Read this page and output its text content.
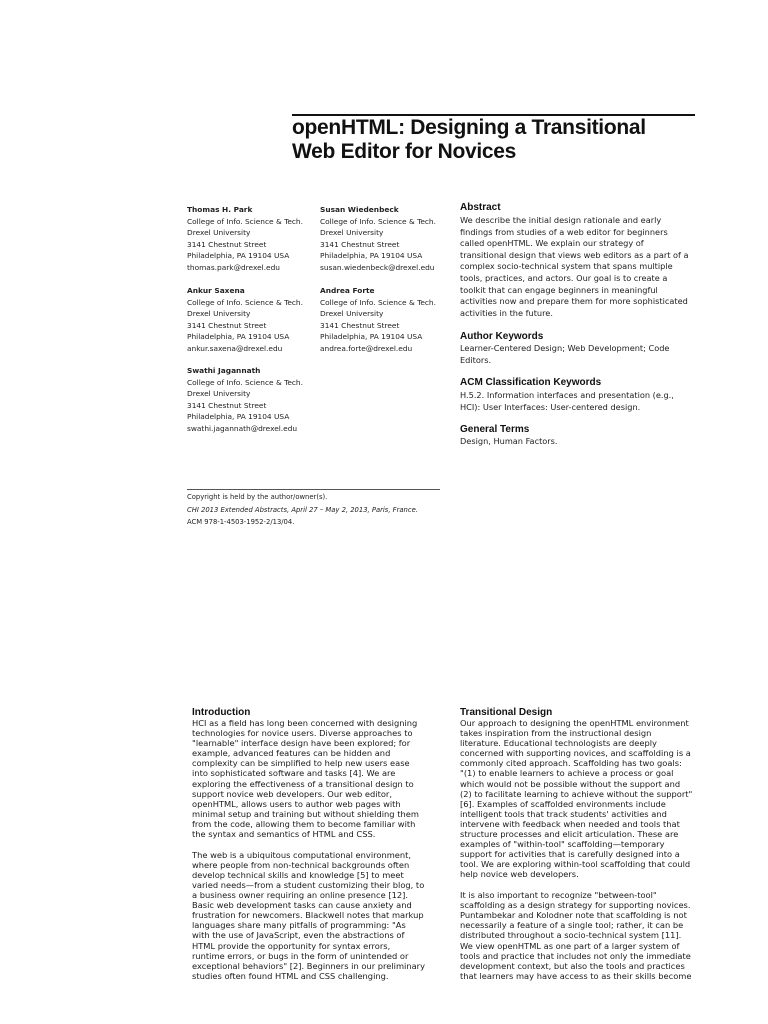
openHTML: Designing a Transitional
Web Editor for Novices
Thomas H. Park
College of Info. Science & Tech.
Drexel University
3141 Chestnut Street
Philadelphia, PA 19104 USA
thomas.park@drexel.edu
Susan Wiedenbeck
College of Info. Science & Tech.
Drexel University
3141 Chestnut Street
Philadelphia, PA 19104 USA
susan.wiedenbeck@drexel.edu
Ankur Saxena
College of Info. Science & Tech.
Drexel University
3141 Chestnut Street
Philadelphia, PA 19104 USA
ankur.saxena@drexel.edu
Andrea Forte
College of Info. Science & Tech.
Drexel University
3141 Chestnut Street
Philadelphia, PA 19104 USA
andrea.forte@drexel.edu
Swathi Jagannath
College of Info. Science & Tech.
Drexel University
3141 Chestnut Street
Philadelphia, PA 19104 USA
swathi.jagannath@drexel.edu
Abstract
We describe the initial design rationale and early
findings from studies of a web editor for beginners
called openHTML. We explain our strategy of
transitional design that views web editors as a part of a
complex socio-technical system that spans multiple
tools, practices, and actors. Our goal is to create a
toolkit that can engage beginners in meaningful
activities now and prepare them for more sophisticated
activities in the future.
Author Keywords
Learner-Centered Design; Web Development; Code
Editors.
ACM Classification Keywords
H.5.2. Information interfaces and presentation (e.g.,
HCI): User Interfaces: User-centered design.
General Terms
Design, Human Factors.
Copyright is held by the author/owner(s).
CHI 2013 Extended Abstracts, April 27 – May 2, 2013, Paris, France.
ACM 978-1-4503-1952-2/13/04.
Introduction
HCI as a field has long been concerned with designing
technologies for novice users. Diverse approaches to
"learnable" interface design have been explored; for
example, advanced features can be hidden and
complexity can be simplified to help new users ease
into sophisticated software and tasks [4]. We are
exploring the effectiveness of a transitional design to
support novice web developers. Our web editor,
openHTML, allows users to author web pages with
minimal setup and training but without shielding them
from the code, allowing them to become familiar with
the syntax and semantics of HTML and CSS.
The web is a ubiquitous computational environment,
where people from non-technical backgrounds often
develop technical skills and knowledge [5] to meet
varied needs—from a student customizing their blog, to
a business owner requiring an online presence [12].
Basic web development tasks can cause anxiety and
frustration for newcomers. Blackwell notes that markup
languages share many pitfalls of programming: "As
with the use of JavaScript, even the abstractions of
HTML provide the opportunity for syntax errors,
runtime errors, or bugs in the form of unintended or
exceptional behaviors" [2]. Beginners in our preliminary
studies often found HTML and CSS challenging.
Transitional Design
Our approach to designing the openHTML environment
takes inspiration from the instructional design
literature. Educational technologists are deeply
concerned with supporting novices, and scaffolding is a
commonly cited approach. Scaffolding has two goals:
"(1) to enable learners to achieve a process or goal
which would not be possible without the support and
(2) to facilitate learning to achieve without the support"
[6]. Examples of scaffolded environments include
intelligent tools that track students' activities and
intervene with feedback when needed and tools that
structure processes and elicit articulation. These are
examples of "within-tool" scaffolding—temporary
support for activities that is carefully designed into a
tool. We are exploring within-tool scaffolding that could
help novice web developers.
It is also important to recognize "between-tool"
scaffolding as a design strategy for supporting novices.
Puntambekar and Kolodner note that scaffolding is not
necessarily a feature of a single tool; rather, it can be
distributed throughout a socio-technical system [11].
We view openHTML as one part of a larger system of
tools and practice that includes not only the immediate
development context, but also the tools and practices
that learners may have access to as their skills become
